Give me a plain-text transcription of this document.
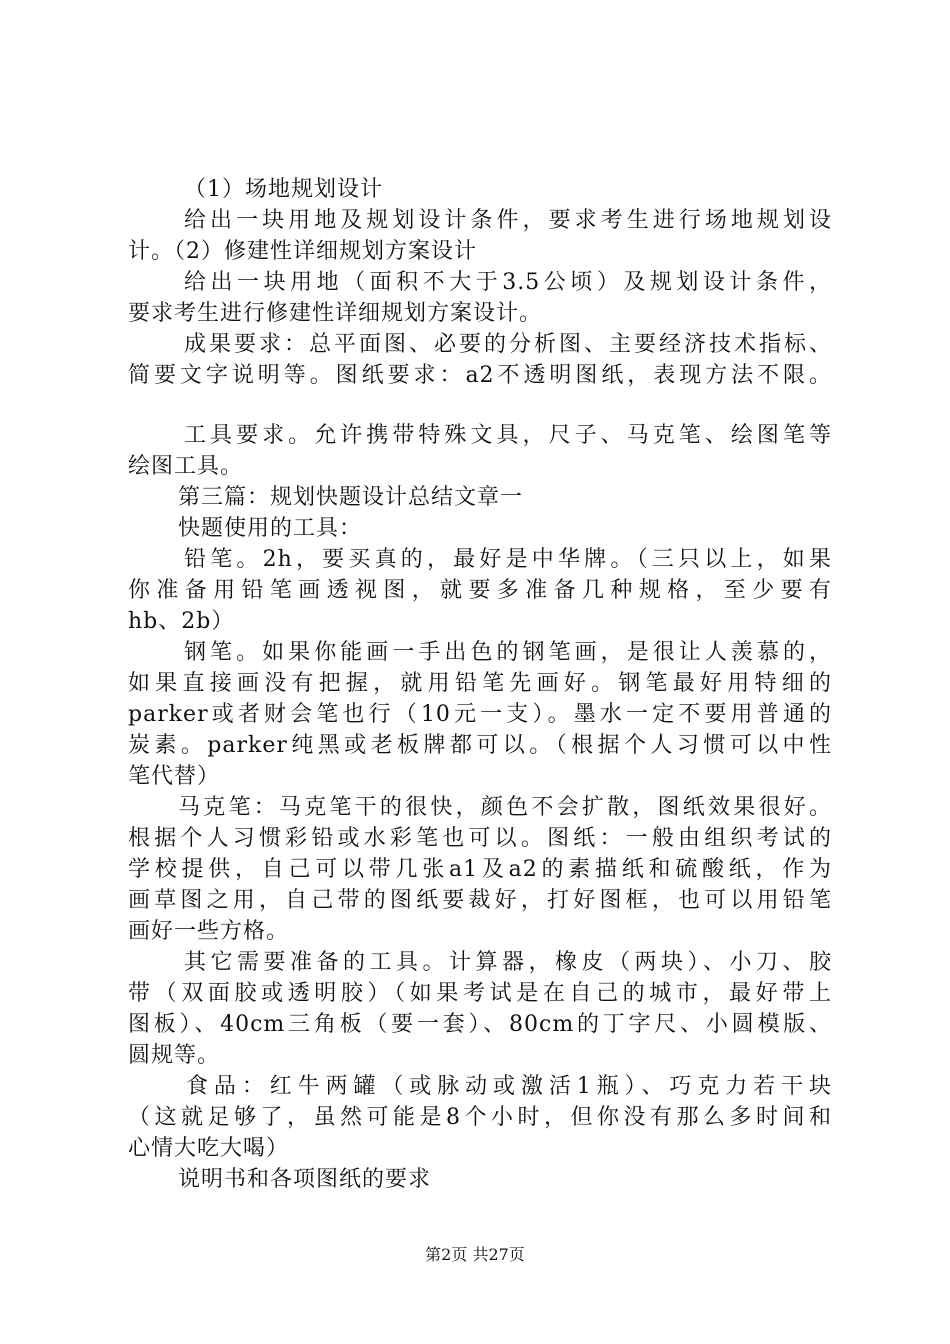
（1）场地规划设计
给出一块用地及规划设计条件，要求考生进行场地规划设
计。（2）修建性详细规划方案设计
给出一块用地（面积不大于3.5公顷）及规划设计条件，
要求考生进行修建性详细规划方案设计。
成果要求：总平面图、必要的分析图、主要经济技术指标、
简要文字说明等。图纸要求：a2不透明图纸，表现方法不限。
工具要求。允许携带特殊文具，尺子、马克笔、绘图笔等
绘图工具。
第三篇：规划快题设计总结文章一
快题使用的工具：
铅笔。2h，要买真的，最好是中华牌。（三只以上，如果
你准备用铅笔画透视图，就要多准备几种规格，至少要有
hb、2b）
钢笔。如果你能画一手出色的钢笔画，是很让人羡慕的，
如果直接画没有把握，就用铅笔先画好。钢笔最好用特细的
parker或者财会笔也行（10元一支）。墨水一定不要用普通的
炭素。parker纯黑或老板牌都可以。（根据个人习惯可以中性
笔代替）
马克笔：马克笔干的很快，颜色不会扩散，图纸效果很好。
根据个人习惯彩铅或水彩笔也可以。图纸：一般由组织考试的
学校提供，自己可以带几张a1及a2的素描纸和硫酸纸，作为
画草图之用，自己带的图纸要裁好，打好图框，也可以用铅笔
画好一些方格。
其它需要准备的工具。计算器，橡皮（两块）、小刀、胶
带（双面胶或透明胶）（如果考试是在自己的城市，最好带上
图板）、40cm三角板（要一套）、80cm的丁字尺、小圆模版、
圆规等。
食品：红牛两罐（或脉动或激活1瓶）、巧克力若干块
（这就足够了，虽然可能是8个小时，但你没有那么多时间和
心情大吃大喝）
说明书和各项图纸的要求
第2页 共27页
